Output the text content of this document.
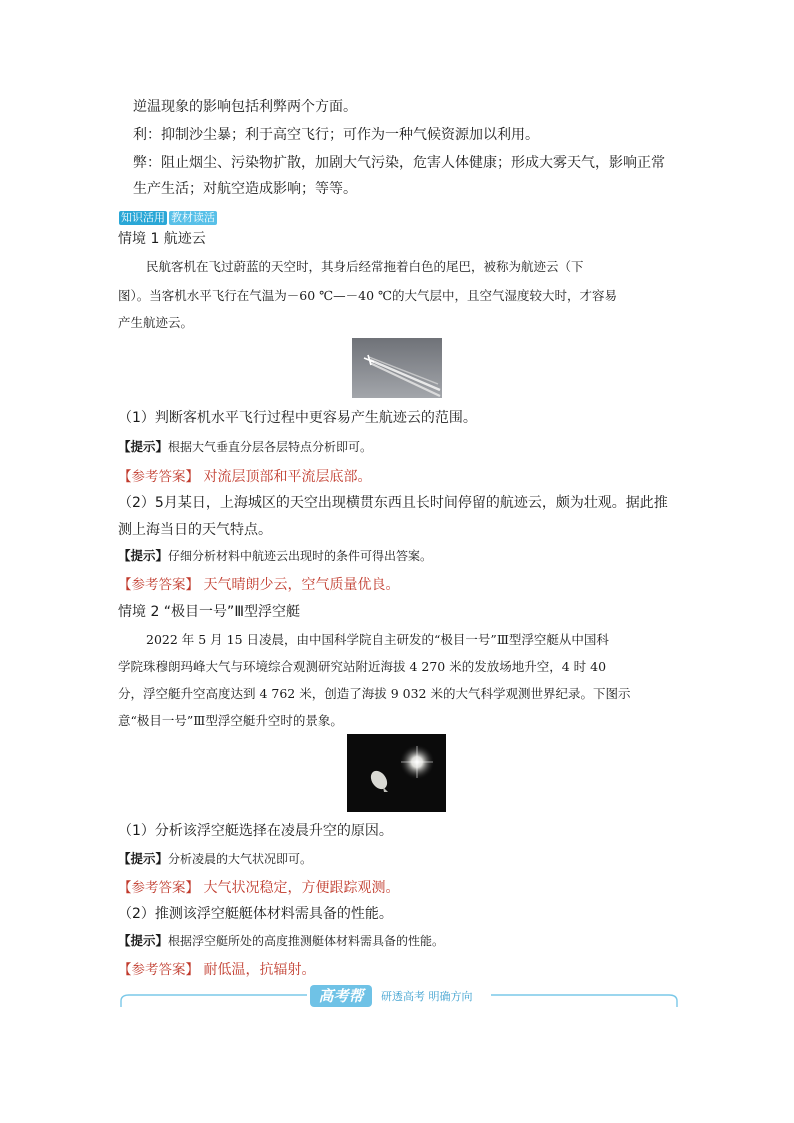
逆温现象的影响包括利弊两个方面。
利：抑制沙尘暴；利于高空飞行；可作为一种气候资源加以利用。
弊：阻止烟尘、污染物扩散，加剧大气污染，危害人体健康；形成大雾天气，影响正常
生产生活；对航空造成影响；等等。
知识活用 教材读活
情境 1 航迹云
民航客机在飞过蔚蓝的天空时，其身后经常拖着白色的尾巴，被称为航迹云（下
图）。当客机水平飞行在气温为－60 ℃—－40 ℃的大气层中，且空气湿度较大时，才容易
产生航迹云。
（1）判断客机水平飞行过程中更容易产生航迹云的范围。
【提示】根据大气垂直分层各层特点分析即可。
【参考答案】 对流层顶部和平流层底部。
（2）5月某日，上海城区的天空出现横贯东西且长时间停留的航迹云，颇为壮观。据此推
测上海当日的天气特点。
【提示】仔细分析材料中航迹云出现时的条件可得出答案。
【参考答案】 天气晴朗少云，空气质量优良。
情境 2 “极目一号”Ⅲ型浮空艇
2022 年 5 月 15 日凌晨，由中国科学院自主研发的“极目一号”Ⅲ型浮空艇从中国科
学院珠穆朗玛峰大气与环境综合观测研究站附近海拔 4 270 米的发放场地升空，4 时 40
分，浮空艇升空高度达到 4 762 米，创造了海拔 9 032 米的大气科学观测世界纪录。下图示
意“极目一号”Ⅲ型浮空艇升空时的景象。
（1）分析该浮空艇选择在凌晨升空的原因。
【提示】分析凌晨的大气状况即可。
【参考答案】 大气状况稳定，方便跟踪观测。
（2）推测该浮空艇艇体材料需具备的性能。
【提示】根据浮空艇所处的高度推测艇体材料需具备的性能。
【参考答案】 耐低温，抗辐射。
高考帮	研透高考 明确方向
